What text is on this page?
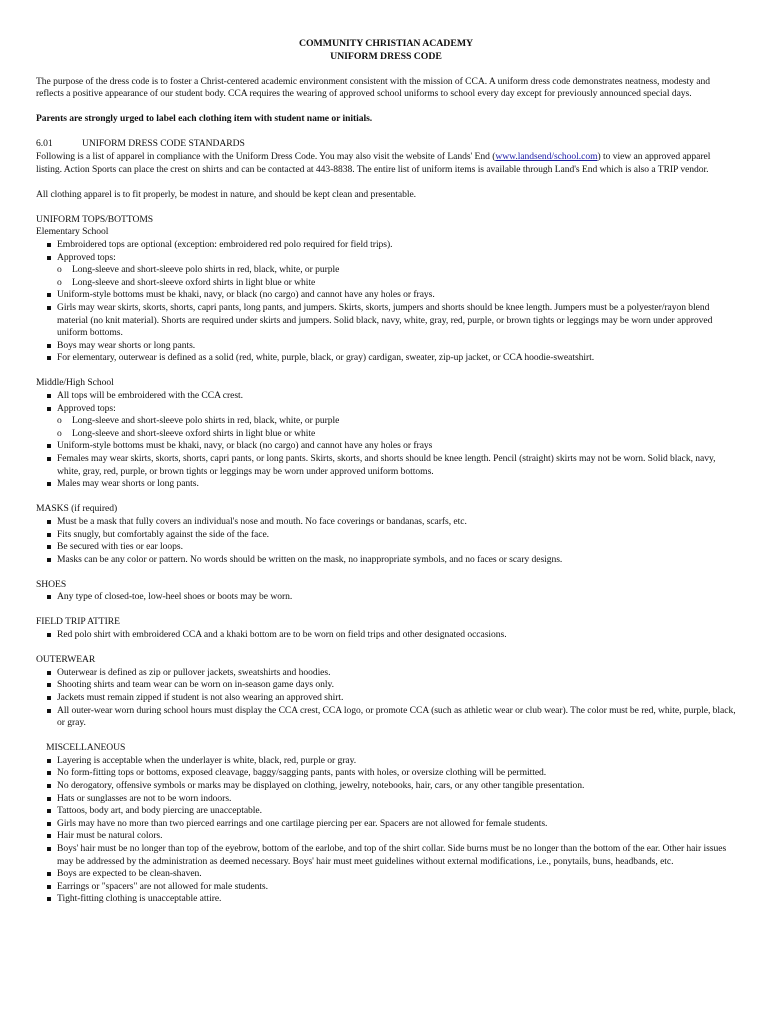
COMMUNITY CHRISTIAN ACADEMY
UNIFORM DRESS CODE

The purpose of the dress code is to foster a Christ-centered academic environment consistent with the mission of CCA. A uniform dress code demonstrates neatness, modesty and reflects a positive appearance of our student body. CCA requires the wearing of approved school uniforms to school every day except for previously announced special days.

Parents are strongly urged to label each clothing item with student name or initials.

6.01	UNIFORM DRESS CODE STANDARDS

Following is a list of apparel in compliance with the Uniform Dress Code. You may also visit the website of Lands' End (www.landsend/school.com) to view an approved apparel listing. Action Sports can place the crest on shirts and can be contacted at 443-8838. The entire list of uniform items is available through Land's End which is also a TRIP vendor.

All clothing apparel is to fit properly, be modest in nature, and should be kept clean and presentable.

UNIFORM TOPS/BOTTOMS
Elementary School
Embroidered tops are optional (exception: embroidered red polo required for field trips).
Approved tops:
o Long-sleeve and short-sleeve polo shirts in red, black, white, or purple
o Long-sleeve and short-sleeve oxford shirts in light blue or white
Uniform-style bottoms must be khaki, navy, or black (no cargo) and cannot have any holes or frays.
Girls may wear skirts, skorts, shorts, capri pants, long pants, and jumpers. Skirts, skorts, jumpers and shorts should be knee length. Jumpers must be a polyester/rayon blend material (no knit material). Shorts are required under skirts and jumpers. Solid black, navy, white, gray, red, purple, or brown tights or leggings may be worn under approved uniform bottoms.
Boys may wear shorts or long pants.
For elementary, outerwear is defined as a solid (red, white, purple, black, or gray) cardigan, sweater, zip-up jacket, or CCA hoodie-sweatshirt.
Middle/High School
All tops will be embroidered with the CCA crest.
Approved tops:
o Long-sleeve and short-sleeve polo shirts in red, black, white, or purple
o Long-sleeve and short-sleeve oxford shirts in light blue or white
Uniform-style bottoms must be khaki, navy, or black (no cargo) and cannot have any holes or frays
Females may wear skirts, skorts, shorts, capri pants, or long pants. Skirts, skorts, and shorts should be knee length. Pencil (straight) skirts may not be worn. Solid black, navy, white, gray, red, purple, or brown tights or leggings may be worn under approved uniform bottoms.
Males may wear shorts or long pants.
MASKS (if required)
Must be a mask that fully covers an individual's nose and mouth. No face coverings or bandanas, scarfs, etc.
Fits snugly, but comfortably against the side of the face.
Be secured with ties or ear loops.
Masks can be any color or pattern. No words should be written on the mask, no inappropriate symbols, and no faces or scary designs.
SHOES
Any type of closed-toe, low-heel shoes or boots may be worn.
FIELD TRIP ATTIRE
Red polo shirt with embroidered CCA and a khaki bottom are to be worn on field trips and other designated occasions.
OUTERWEAR
Outerwear is defined as zip or pullover jackets, sweatshirts and hoodies.
Shooting shirts and team wear can be worn on in-season game days only.
Jackets must remain zipped if student is not also wearing an approved shirt.
All outer-wear worn during school hours must display the CCA crest, CCA logo, or promote CCA (such as athletic wear or club wear). The color must be red, white, purple, black, or gray.
MISCELLANEOUS
Layering is acceptable when the underlayer is white, black, red, purple or gray.
No form-fitting tops or bottoms, exposed cleavage, baggy/sagging pants, pants with holes, or oversize clothing will be permitted.
No derogatory, offensive symbols or marks may be displayed on clothing, jewelry, notebooks, hair, cars, or any other tangible presentation.
Hats or sunglasses are not to be worn indoors.
Tattoos, body art, and body piercing are unacceptable.
Girls may have no more than two pierced earrings and one cartilage piercing per ear. Spacers are not allowed for female students.
Hair must be natural colors.
Boys' hair must be no longer than top of the eyebrow, bottom of the earlobe, and top of the shirt collar. Side burns must be no longer than the bottom of the ear. Other hair issues may be addressed by the administration as deemed necessary. Boys' hair must meet guidelines without external modifications, i.e., ponytails, buns, headbands, etc.
Boys are expected to be clean-shaven.
Earrings or "spacers" are not allowed for male students.
Tight-fitting clothing is unacceptable attire.
